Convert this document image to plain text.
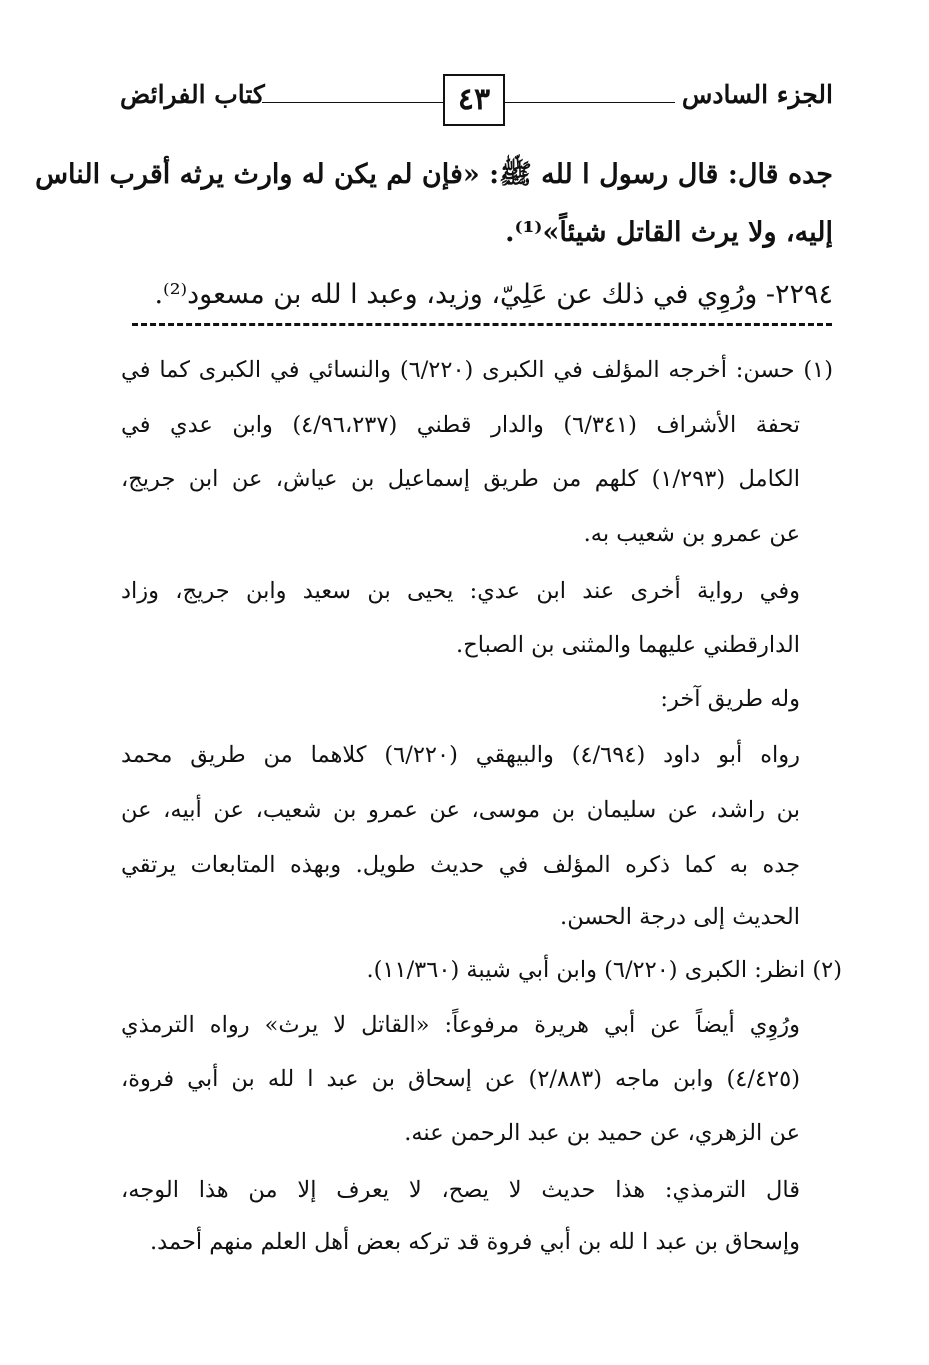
كتاب الفرائض	٤٣	الجزء السادس
جده قال: قال رسول ا لله ﷺ: «فإن لم يكن له وارث يرثه أقرب الناس
إليه، ولا يرث القاتل شيئاً»⁽¹⁾.
٢٢٩٤- ورُوِي في ذلك عن عَلِيّ، وزيد، وعبد ا لله بن مسعود⁽²⁾.
(١) حسن: أخرجه المؤلف في الكبرى (٦/٢٢٠) والنسائي في الكبرى كما في
تحفة الأشراف (٦/٣٤١) والدار قطني (٤/٩٦،٢٣٧) وابن عدي في
الكامل (١/٢٩٣) كلهم من طريق إسماعيل بن عياش، عن ابن جريج،
عن عمرو بن شعيب به.
وفي رواية أخرى عند ابن عدي: يحيى بن سعيد وابن جريج، وزاد
الدارقطني عليهما والمثنى بن الصباح.
وله طريق آخر:
رواه أبو داود (٤/٦٩٤) والبيهقي (٦/٢٢٠) كلاهما من طريق محمد
بن راشد، عن سليمان بن موسى، عن عمرو بن شعيب، عن أبيه، عن
جده به كما ذكره المؤلف في حديث طويل. وبهذه المتابعات يرتقي
الحديث إلى درجة الحسن.
(٢) انظر: الكبرى (٦/٢٢٠) وابن أبي شيبة (١١/٣٦٠).
ورُوِي أيضاً عن أبي هريرة مرفوعاً: «القاتل لا يرث» رواه الترمذي
(٤/٤٢٥) وابن ماجه (٢/٨٨٣) عن إسحاق بن عبد ا لله بن أبي فروة،
عن الزهري، عن حميد بن عبد الرحمن عنه.
قال الترمذي: هذا حديث لا يصح، لا يعرف إلا من هذا الوجه،
وإسحاق بن عبد ا لله بن أبي فروة قد تركه بعض أهل العلم منهم أحمد.
